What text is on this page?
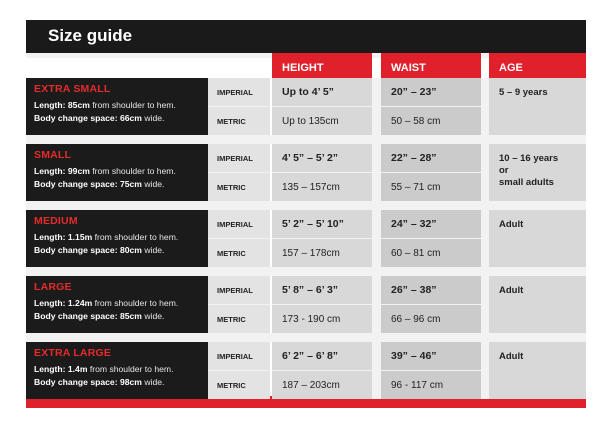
Size guide
HEIGHT	WAIST	AGE
EXTRA SMALL
Length: 85cm from shoulder to hem.
Body change space: 66cm wide.
IMPERIAL
METRIC
Up to 4’ 5”
Up to 135cm
20” – 23”
50 – 58 cm
5 – 9 years
SMALL
Length: 99cm from shoulder to hem.
Body change space: 75cm wide.
IMPERIAL
METRIC
4’ 5” – 5’ 2”
135 – 157cm
22” – 28”
55 – 71 cm
10 – 16 years
or
small adults
MEDIUM
Length: 1.15m from shoulder to hem.
Body change space: 80cm wide.
IMPERIAL
METRIC
5’ 2” – 5’ 10”
157 – 178cm
24” – 32”
60 – 81 cm
Adult
LARGE
Length: 1.24m from shoulder to hem.
Body change space: 85cm wide.
IMPERIAL
METRIC
5’ 8” – 6’ 3”
173 - 190 cm
26” – 38”
66 – 96 cm
Adult
EXTRA LARGE
Length: 1.4m from shoulder to hem.
Body change space: 98cm wide.
IMPERIAL
METRIC
6’ 2” – 6’ 8”
187 – 203cm
39” – 46”
96 - 117 cm
Adult
